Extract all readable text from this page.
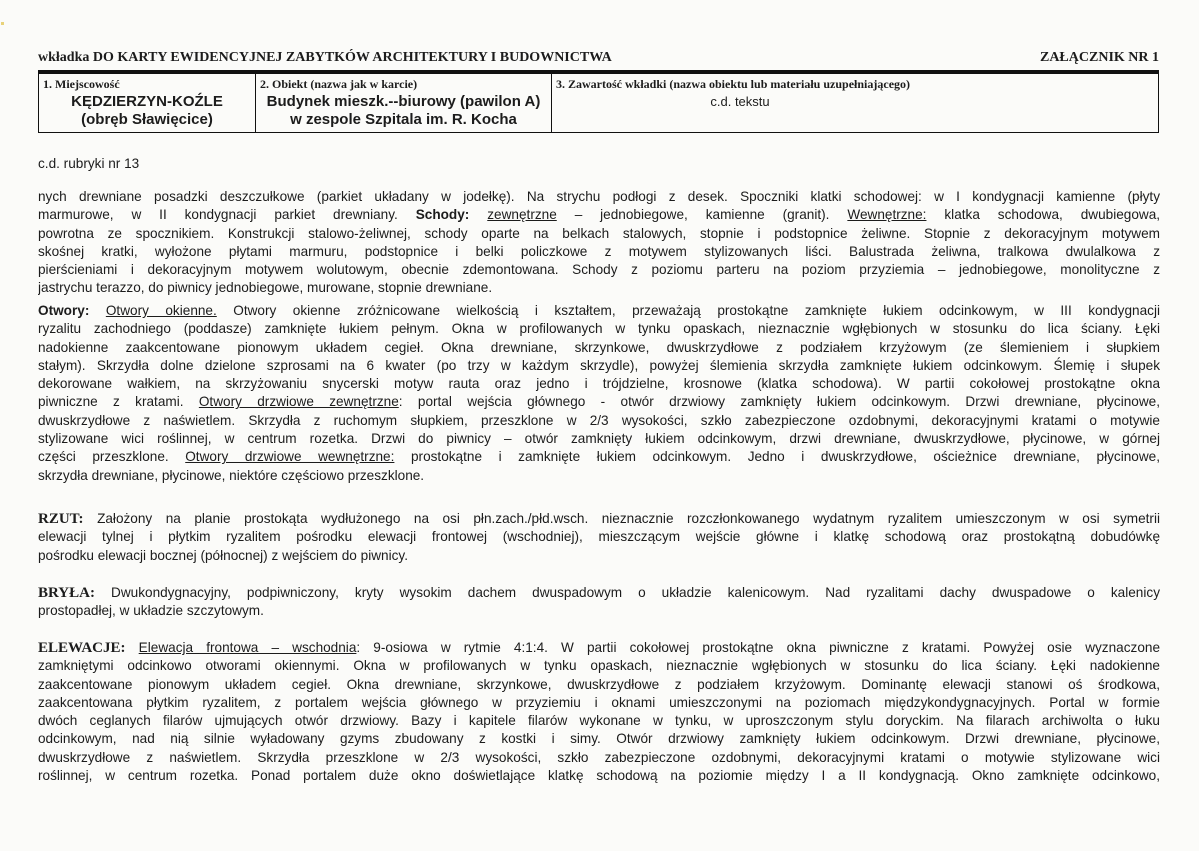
wkładka DO KARTY EWIDENCYJNEJ ZABYTKÓW ARCHITEKTURY I BUDOWNICTWA	ZAŁĄCZNIK NR 1
1. Miejscowość
KĘDZIERZYN-KOŹLE
(obręb Sławięcice)
2. Obiekt (nazwa jak w karcie)
Budynek mieszk.--biurowy (pawilon A)
w zespole Szpitala im. R. Kocha
3. Zawartość wkładki (nazwa obiektu lub materiału uzupełniającego)
c.d. tekstu
c.d. rubryki nr 13
nych drewniane posadzki deszczułkowe (parkiet układany w jodełkę). Na strychu podłogi z desek. Spoczniki klatki schodowej: w I kondygnacji kamienne (płyty
marmurowe, w II kondygnacji parkiet drewniany. Schody: zewnętrzne – jednobiegowe, kamienne (granit). Wewnętrzne: klatka schodowa, dwubiegowa,
powrotna ze spocznikiem. Konstrukcji stalowo-żeliwnej, schody oparte na belkach stalowych, stopnie i podstopnice żeliwne. Stopnie z dekoracyjnym motywem
skośnej kratki, wyłożone płytami marmuru, podstopnice i belki policzkowe z motywem stylizowanych liści. Balustrada żeliwna, tralkowa dwulalkowa z
pierścieniami i dekoracyjnym motywem wolutowym, obecnie zdemontowana. Schody z poziomu parteru na poziom przyziemia – jednobiegowe, monolityczne z
jastrychu terazzo, do piwnicy jednobiegowe, murowane, stopnie drewniane.
Otwory: Otwory okienne. Otwory okienne zróżnicowane wielkością i kształtem, przeważają prostokątne zamknięte łukiem odcinkowym, w III kondygnacji
ryzalitu zachodniego (poddasze) zamknięte łukiem pełnym. Okna w profilowanych w tynku opaskach, nieznacznie wgłębionych w stosunku do lica ściany. Łęki
nadokienne zaakcentowane pionowym układem cegieł. Okna drewniane, skrzynkowe, dwuskrzydłowe z podziałem krzyżowym (ze ślemieniem i słupkiem
stałym). Skrzydła dolne dzielone szprosami na 6 kwater (po trzy w każdym skrzydle), powyżej ślemienia skrzydła zamknięte łukiem odcinkowym. Ślemię i słupek
dekorowane wałkiem, na skrzyżowaniu snycerski motyw rauta oraz jedno i trójdzielne, krosnowe (klatka schodowa). W partii cokołowej prostokątne okna
piwniczne z kratami. Otwory drzwiowe zewnętrzne: portal wejścia głównego - otwór drzwiowy zamknięty łukiem odcinkowym. Drzwi drewniane, płycinowe,
dwuskrzydłowe z naświetlem. Skrzydła z ruchomym słupkiem, przeszklone w 2/3 wysokości, szkło zabezpieczone ozdobnymi, dekoracyjnymi kratami o motywie
stylizowane wici roślinnej, w centrum rozetka. Drzwi do piwnicy – otwór zamknięty łukiem odcinkowym, drzwi drewniane, dwuskrzydłowe, płycinowe, w górnej
części przeszklone. Otwory drzwiowe wewnętrzne: prostokątne i zamknięte łukiem odcinkowym. Jedno i dwuskrzydłowe, ościeżnice drewniane, płycinowe,
skrzydła drewniane, płycinowe, niektóre częściowo przeszklone.
RZUT: Założony na planie prostokąta wydłużonego na osi płn.zach./płd.wsch. nieznacznie rozczłonkowanego wydatnym ryzalitem umieszczonym w osi symetrii
elewacji tylnej i płytkim ryzalitem pośrodku elewacji frontowej (wschodniej), mieszczącym wejście główne i klatkę schodową oraz prostokątną dobudówkę
pośrodku elewacji bocznej (północnej) z wejściem do piwnicy.
BRYŁA: Dwukondygnacyjny, podpiwniczony, kryty wysokim dachem dwuspadowym o układzie kalenicowym. Nad ryzalitami dachy dwuspadowe o kalenicy
prostopadłej, w układzie szczytowym.
ELEWACJE: Elewacja frontowa – wschodnia: 9-osiowa w rytmie 4:1:4. W partii cokołowej prostokątne okna piwniczne z kratami. Powyżej osie wyznaczone
zamkniętymi odcinkowo otworami okiennymi. Okna w profilowanych w tynku opaskach, nieznacznie wgłębionych w stosunku do lica ściany. Łęki nadokienne
zaakcentowane pionowym układem cegieł. Okna drewniane, skrzynkowe, dwuskrzydłowe z podziałem krzyżowym. Dominantę elewacji stanowi oś środkowa,
zaakcentowana płytkim ryzalitem, z portalem wejścia głównego w przyziemiu i oknami umieszczonymi na poziomach międzykondygnacyjnych. Portal w formie
dwóch ceglanych filarów ujmujących otwór drzwiowy. Bazy i kapitele filarów wykonane w tynku, w uproszczonym stylu doryckim. Na filarach archiwolta o łuku
odcinkowym, nad nią silnie wyładowany gzyms zbudowany z kostki i simy. Otwór drzwiowy zamknięty łukiem odcinkowym. Drzwi drewniane, płycinowe,
dwuskrzydłowe z naświetlem. Skrzydła przeszklone w 2/3 wysokości, szkło zabezpieczone ozdobnymi, dekoracyjnymi kratami o motywie stylizowane wici
roślinnej, w centrum rozetka. Ponad portalem duże okno doświetlające klatkę schodową na poziomie między I a II kondygnacją. Okno zamknięte odcinkowo,
